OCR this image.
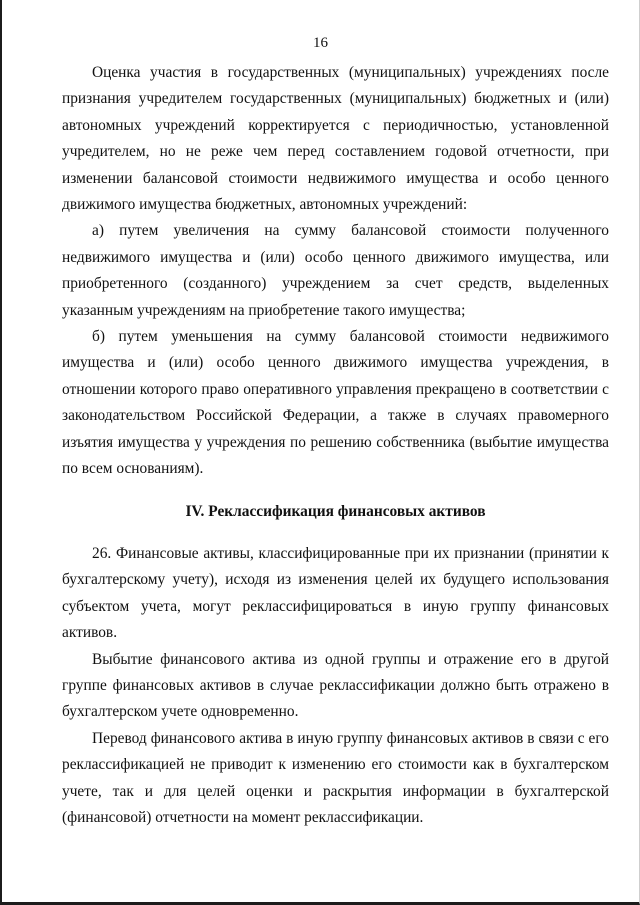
16

Оценка участия в государственных (муниципальных) учреждениях после признания учредителем государственных (муниципальных) бюджетных и (или) автономных учреждений корректируется с периодичностью, установленной учредителем, но не реже чем перед составлением годовой отчетности, при изменении балансовой стоимости недвижимого имущества и особо ценного движимого имущества бюджетных, автономных учреждений:

а) путем увеличения на сумму балансовой стоимости полученного недвижимого имущества и (или) особо ценного движимого имущества, или приобретенного (созданного) учреждением за счет средств, выделенных указанным учреждениям на приобретение такого имущества;

б) путем уменьшения на сумму балансовой стоимости недвижимого имущества и (или) особо ценного движимого имущества учреждения, в отношении которого право оперативного управления прекращено в соответствии с законодательством Российской Федерации, а также в случаях правомерного изъятия имущества у учреждения по решению собственника (выбытие имущества по всем основаниям).

IV. Реклассификация финансовых активов

26. Финансовые активы, классифицированные при их признании (принятии к бухгалтерскому учету), исходя из изменения целей их будущего использования субъектом учета, могут реклассифицироваться в иную группу финансовых активов.

Выбытие финансового актива из одной группы и отражение его в другой группе финансовых активов в случае реклассификации должно быть отражено в бухгалтерском учете одновременно.

Перевод финансового актива в иную группу финансовых активов в связи с его реклассификацией не приводит к изменению его стоимости как в бухгалтерском учете, так и для целей оценки и раскрытия информации в бухгалтерской (финансовой) отчетности на момент реклассификации.
